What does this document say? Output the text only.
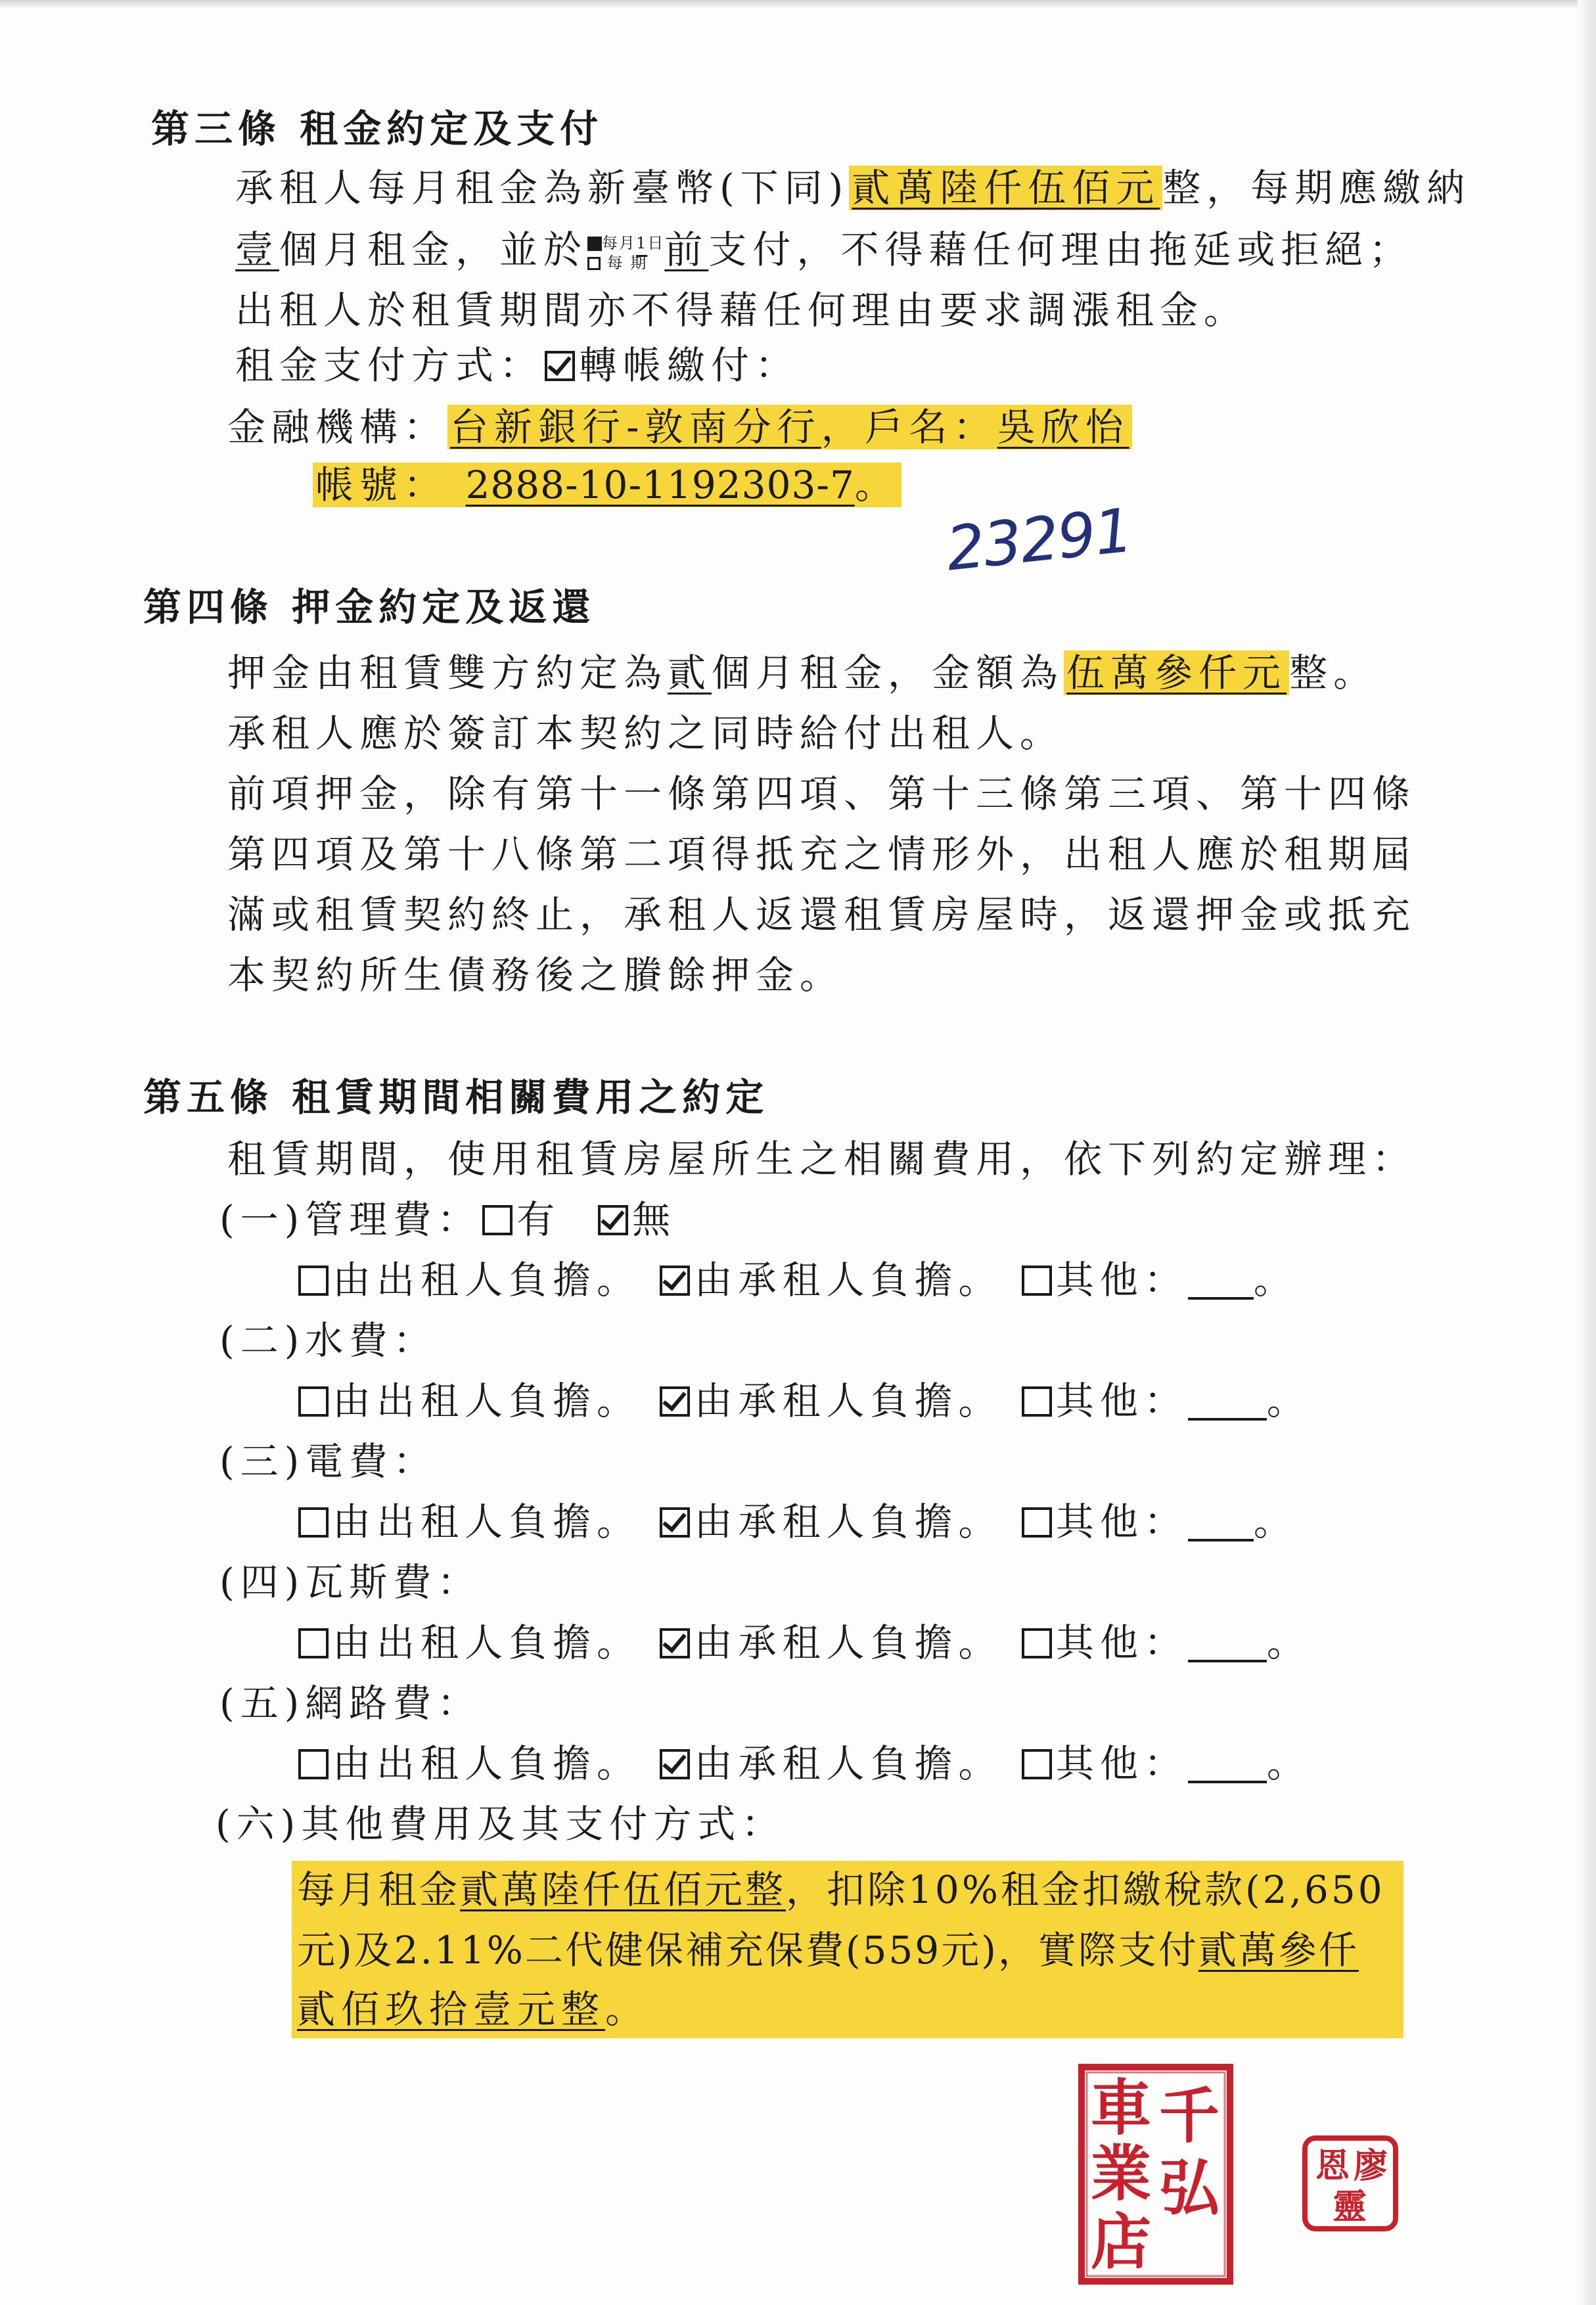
第三條 租金約定及支付
承租人每月租金為新臺幣(下同)貳萬陸仟伍佰元整，每期應繳納
壹個月租金，並於 每月1日
每 期 前支付，不得藉任何理由拖延或拒絕；
出租人於租賃期間亦不得藉任何理由要求調漲租金。
租金支付方式： 轉帳繳付：
金融機構：台新銀行-敦南分行，戶名：吳欣怡
帳號： 2888-10-1192303-7。
23291
第四條 押金約定及返還
押金由租賃雙方約定為貳個月租金，金額為伍萬參仟元整。
承租人應於簽訂本契約之同時給付出租人。
前項押金，除有第十一條第四項、第十三條第三項、第十四條
第四項及第十八條第二項得抵充之情形外，出租人應於租期屆
滿或租賃契約終止，承租人返還租賃房屋時，返還押金或抵充
本契約所生債務後之賸餘押金。
第五條 租賃期間相關費用之約定
租賃期間，使用租賃房屋所生之相關費用，依下列約定辦理：
(一)管理費： 有 無
由出租人負擔。 由承租人負擔。 其他： 。
(二)水費：
由出租人負擔。 由承租人負擔。 其他： 。
(三)電費：
由出租人負擔。 由承租人負擔。 其他： 。
(四)瓦斯費：
由出租人負擔。 由承租人負擔。 其他： 。
(五)網路費：
由出租人負擔。 由承租人負擔。 其他： 。
(六)其他費用及其支付方式：
每月租金貳萬陸仟伍佰元整，扣除10%租金扣繳稅款(2,650
元)及2.11%二代健保補充保費(559元)，實際支付貳萬參仟
貳佰玖拾壹元整。
千
弘
車
業
店
廖
恩
靈
